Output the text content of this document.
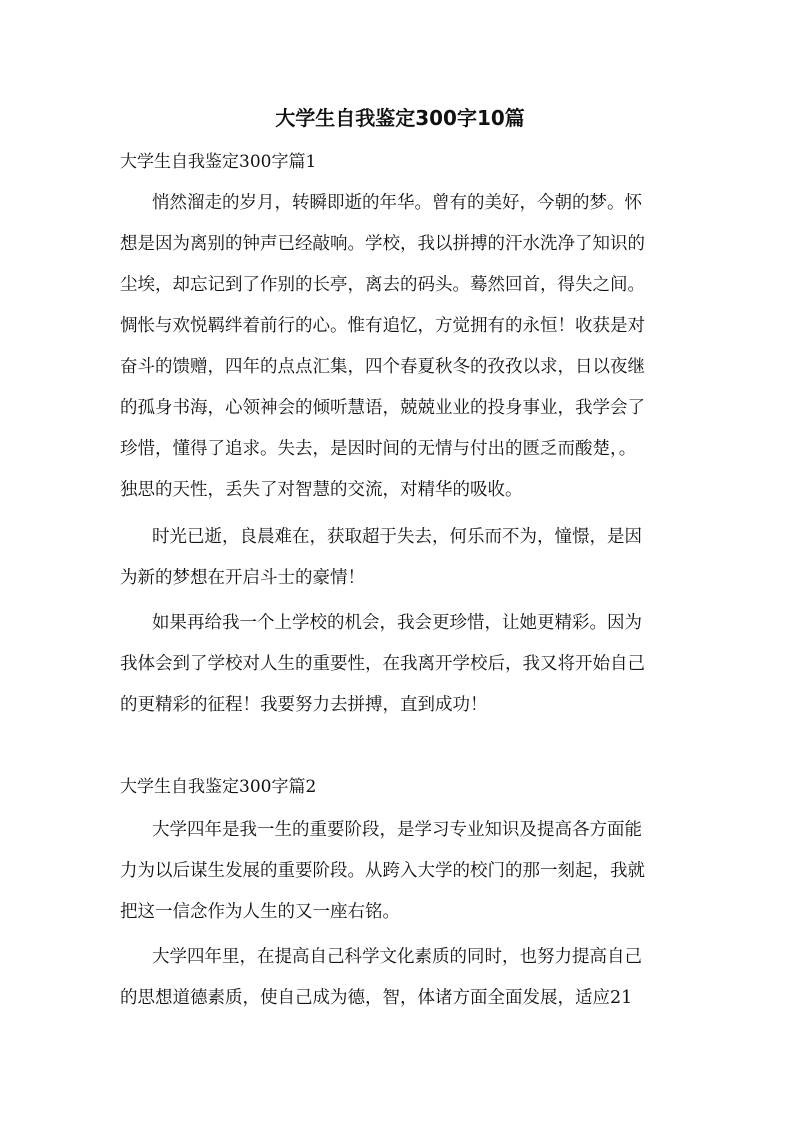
大学生自我鉴定300字10篇
大学生自我鉴定300字篇1
悄然溜走的岁月，转瞬即逝的年华。曾有的美好，今朝的梦。怀
想是因为离别的钟声已经敲响。学校，我以拼搏的汗水洗净了知识的
尘埃，却忘记到了作别的长亭，离去的码头。蓦然回首，得失之间。
惆怅与欢悦羁绊着前行的心。惟有追忆，方觉拥有的永恒！收获是对
奋斗的馈赠，四年的点点汇集，四个春夏秋冬的孜孜以求，日以夜继
的孤身书海，心领神会的倾听慧语，兢兢业业的投身事业，我学会了
珍惜，懂得了追求。失去，是因时间的无情与付出的匮乏而酸楚，。
独思的天性，丢失了对智慧的交流，对精华的吸收。
时光已逝，良晨难在，获取超于失去，何乐而不为，憧憬，是因
为新的梦想在开启斗士的豪情！
如果再给我一个上学校的机会，我会更珍惜，让她更精彩。因为
我体会到了学校对人生的重要性，在我离开学校后，我又将开始自己
的更精彩的征程！我要努力去拼搏，直到成功！
大学生自我鉴定300字篇2
大学四年是我一生的重要阶段，是学习专业知识及提高各方面能
力为以后谋生发展的重要阶段。从跨入大学的校门的那一刻起，我就
把这一信念作为人生的又一座右铭。
大学四年里，在提高自己科学文化素质的同时，也努力提高自己
的思想道德素质，使自己成为德，智，体诸方面全面发展，适应21
